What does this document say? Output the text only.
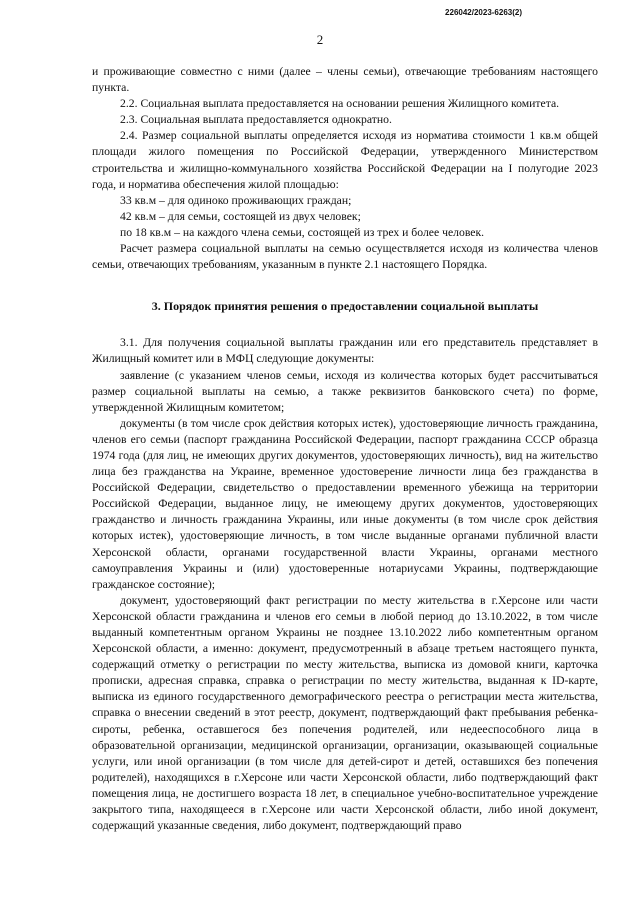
226042/2023-6263(2)
2

и проживающие совместно с ними (далее – члены семьи), отвечающие требованиям настоящего пункта.

2.2. Социальная выплата предоставляется на основании решения Жилищного комитета.

2.3. Социальная выплата предоставляется однократно.

2.4. Размер социальной выплаты определяется исходя из норматива стоимости 1 кв.м общей площади жилого помещения по Российской Федерации, утвержденного Министерством строительства и жилищно-коммунального хозяйства Российской Федерации на I полугодие 2023 года, и норматива обеспечения жилой площадью:

33 кв.м – для одиноко проживающих граждан;

42 кв.м – для семьи, состоящей из двух человек;

по 18 кв.м – на каждого члена семьи, состоящей из трех и более человек.

Расчет размера социальной выплаты на семью осуществляется исходя из количества членов семьи, отвечающих требованиям, указанным в пункте 2.1 настоящего Порядка.

3. Порядок принятия решения о предоставлении социальной выплаты

3.1. Для получения социальной выплаты гражданин или его представитель представляет в Жилищный комитет или в МФЦ следующие документы:

заявление (с указанием членов семьи, исходя из количества которых будет рассчитываться размер социальной выплаты на семью, а также реквизитов банковского счета) по форме, утвержденной Жилищным комитетом;

документы (в том числе срок действия которых истек), удостоверяющие личность гражданина, членов его семьи (паспорт гражданина Российской Федерации, паспорт гражданина СССР образца 1974 года (для лиц, не имеющих других документов, удостоверяющих личность), вид на жительство лица без гражданства на Украине, временное удостоверение личности лица без гражданства в Российской Федерации, свидетельство о предоставлении временного убежища на территории Российской Федерации, выданное лицу, не имеющему других документов, удостоверяющих гражданство и личность гражданина Украины, или иные документы (в том числе срок действия которых истек), удостоверяющие личность, в том числе выданные органами публичной власти Херсонской области, органами государственной власти Украины, органами местного самоуправления Украины и (или) удостоверенные нотариусами Украины, подтверждающие гражданское состояние);

документ, удостоверяющий факт регистрации по месту жительства в г.Херсоне или части Херсонской области гражданина и членов его семьи в любой период до 13.10.2022, в том числе выданный компетентным органом Украины не позднее 13.10.2022 либо компетентным органом Херсонской области, а именно: документ, предусмотренный в абзаце третьем настоящего пункта, содержащий отметку о регистрации по месту жительства, выписка из домовой книги, карточка прописки, адресная справка, справка о регистрации по месту жительства, выданная к ID-карте, выписка из единого государственного демографического реестра о регистрации места жительства, справка о внесении сведений в этот реестр, документ, подтверждающий факт пребывания ребенка-сироты, ребенка, оставшегося без попечения родителей, или недееспособного лица в образовательной организации, медицинской организации, организации, оказывающей социальные услуги, или иной организации (в том числе для детей-сирот и детей, оставшихся без попечения родителей), находящихся в г.Херсоне или части Херсонской области, либо подтверждающий факт помещения лица, не достигшего возраста 18 лет, в специальное учебно-воспитательное учреждение закрытого типа, находящееся в г.Херсоне или части Херсонской области, либо иной документ, содержащий указанные сведения, либо документ, подтверждающий право
